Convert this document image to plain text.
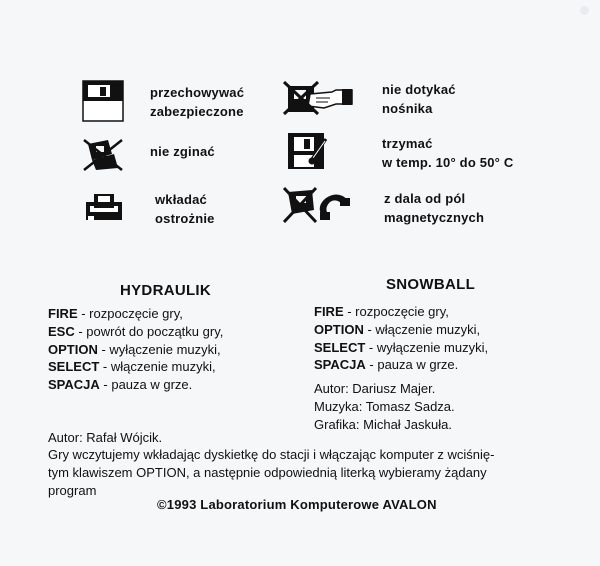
przechowywać
zabezpieczone
nie dotykać
nośnika
nie zginać
trzymać
w temp. 10° do 50° C
wkładać
ostrożnie
z dala od pól
magnetycznych
HYDRAULIK
FIRE - rozpoczęcie gry,
ESC - powrót do początku gry,
OPTION - wyłączenie muzyki,
SELECT - włączenie muzyki,
SPACJA - pauza w grze.
SNOWBALL
FIRE - rozpoczęcie gry,
OPTION - włączenie muzyki,
SELECT - wyłączenie muzyki,
SPACJA - pauza w grze.
Autor: Dariusz Majer.
Muzyka: Tomasz Sadza.
Grafika: Michał Jaskuła.
Autor: Rafał Wójcik.
Gry wczytujemy wkładając dyskietkę do stacji i włączając komputer z wciśnię-
tym klawiszem OPTION, a następnie odpowiednią literką wybieramy żądany
program
©1993 Laboratorium Komputerowe AVALON
